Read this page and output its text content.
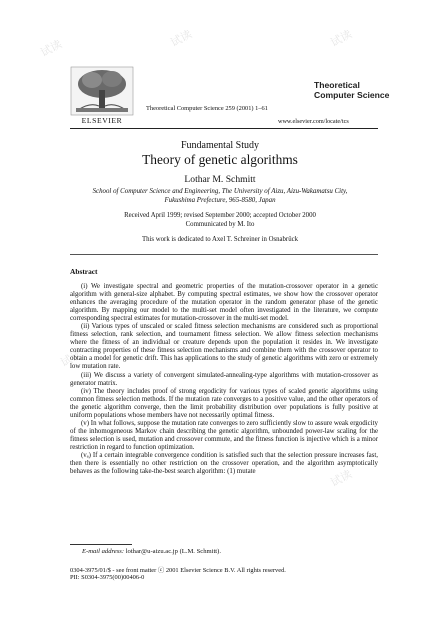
试读	试读	试读
试读
试读
ELSEVIER
Theoretical Computer Science 259 (2001) 1–61
Theoretical
Computer Science
www.elsevier.com/locate/tcs
Fundamental Study
Theory of genetic algorithms
Lothar M. Schmitt
School of Computer Science and Engineering, The University of Aizu, Aizu-Wakamatsu City,
Fukushima Prefecture, 965-8580, Japan
Received April 1999; revised September 2000; accepted October 2000
Communicated by M. Ito
This work is dedicated to Axel T. Schreiner in Osnabrück
Abstract

(i) We investigate spectral and geometric properties of the mutation-crossover operator in a genetic algorithm with general-size alphabet. By computing spectral estimates, we show how the crossover operator enhances the averaging procedure of the mutation operator in the random generator phase of the genetic algorithm. By mapping our model to the multi-set model often investigated in the literature, we compute corresponding spectral estimates for mutation-crossover in the multi-set model.

(ii) Various types of unscaled or scaled fitness selection mechanisms are considered such as proportional fitness selection, rank selection, and tournament fitness selection. We allow fitness selection mechanisms where the fitness of an individual or creature depends upon the population it resides in. We investigate contracting properties of these fitness selection mechanisms and combine them with the crossover operator to obtain a model for genetic drift. This has applications to the study of genetic algorithms with zero or extremely low mutation rate.

(iii) We discuss a variety of convergent simulated-annealing-type algorithms with mutation-crossover as generator matrix.

(iv) The theory includes proof of strong ergodicity for various types of scaled genetic algorithms using common fitness selection methods. If the mutation rate converges to a positive value, and the other operators of the genetic algorithm converge, then the limit probability distribution over populations is fully positive at uniform populations whose members have not necessarily optimal fitness.

(v) In what follows, suppose the mutation rate converges to zero sufficiently slow to assure weak ergodicity of the inhomogeneous Markov chain describing the genetic algorithm, unbounded power-law scaling for the fitness selection is used, mutation and crossover commute, and the fitness function is injective which is a minor restriction in regard to function optimization.

(vₐ) If a certain integrable convergence condition is satisfied such that the selection pressure increases fast, then there is essentially no other restriction on the crossover operation, and the algorithm asymptotically behaves as the following take-the-best search algorithm: (1) mutate

E-mail address: lothar@u-aizu.ac.jp (L.M. Schmitt).
0304-3975/01/$ - see front matter ⓒ 2001 Elsevier Science B.V. All rights reserved.
PII: S0304-3975(00)00406-0
